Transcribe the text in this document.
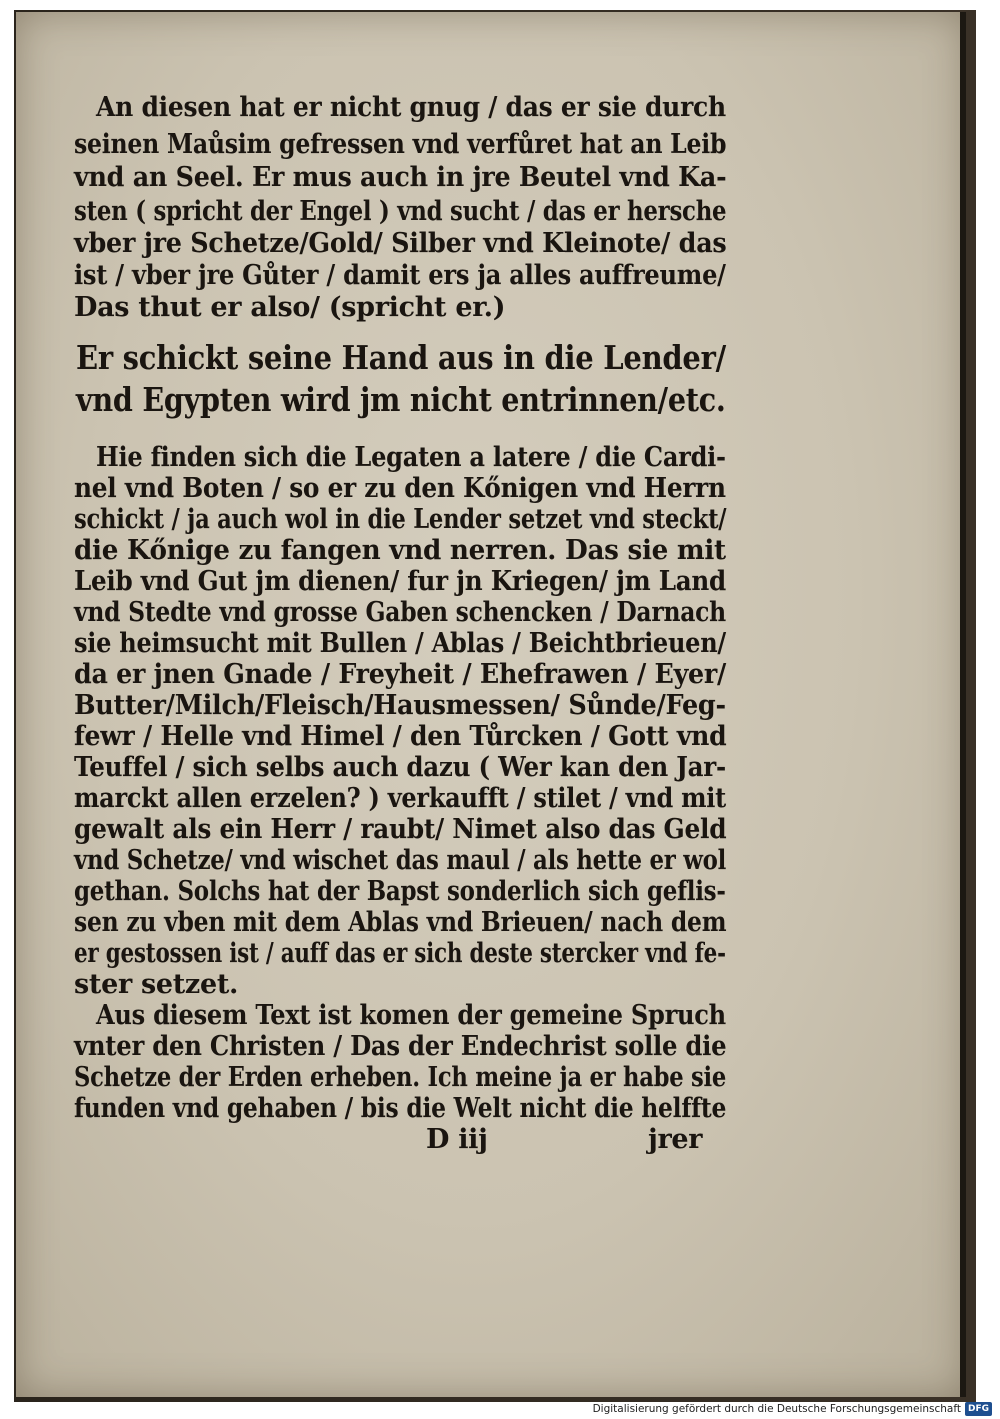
An diesen hat er nicht gnug / das er sie durch
seinen Maůsim gefressen vnd verfůret hat an Leib
vnd an Seel. Er mus auch in jre Beutel vnd Ka-
sten ( spricht der Engel ) vnd sucht / das er hersche
vber jre Schetze/Gold/ Silber vnd Kleinote/ das
ist / vber jre Gůter / damit ers ja alles auffreume/
Das thut er also/ (spricht er.)
Er schickt seine Hand aus in die Lender/
vnd Egypten wird jm nicht entrinnen/etc.
Hie finden sich die Legaten a latere / die Cardi-
nel vnd Boten / so er zu den Kőnigen vnd Herrn
schickt / ja auch wol in die Lender setzet vnd steckt/
die Kőnige zu fangen vnd nerren. Das sie mit
Leib vnd Gut jm dienen/ fur jn Kriegen/ jm Land
vnd Stedte vnd grosse Gaben schencken / Darnach
sie heimsucht mit Bullen / Ablas / Beichtbrieuen/
da er jnen Gnade / Freyheit / Ehefrawen / Eyer/
Butter/Milch/Fleisch/Hausmessen/ Sůnde/Feg-
fewr / Helle vnd Himel / den Tůrcken / Gott vnd
Teuffel / sich selbs auch dazu ( Wer kan den Jar-
marckt allen erzelen? ) verkaufft / stilet / vnd mit
gewalt als ein Herr / raubt/ Nimet also das Geld
vnd Schetze/ vnd wischet das maul / als hette er wol
gethan. Solchs hat der Bapst sonderlich sich geflis-
sen zu vben mit dem Ablas vnd Brieuen/ nach dem
er gestossen ist / auff das er sich deste stercker vnd fe-
ster setzet.
Aus diesem Text ist komen der gemeine Spruch
vnter den Christen / Das der Endechrist solle die
Schetze der Erden erheben. Ich meine ja er habe sie
funden vnd gehaben / bis die Welt nicht die helffte
D iij	jrer
Digitalisierung gefördert durch die Deutsche Forschungsgemeinschaft DFG
